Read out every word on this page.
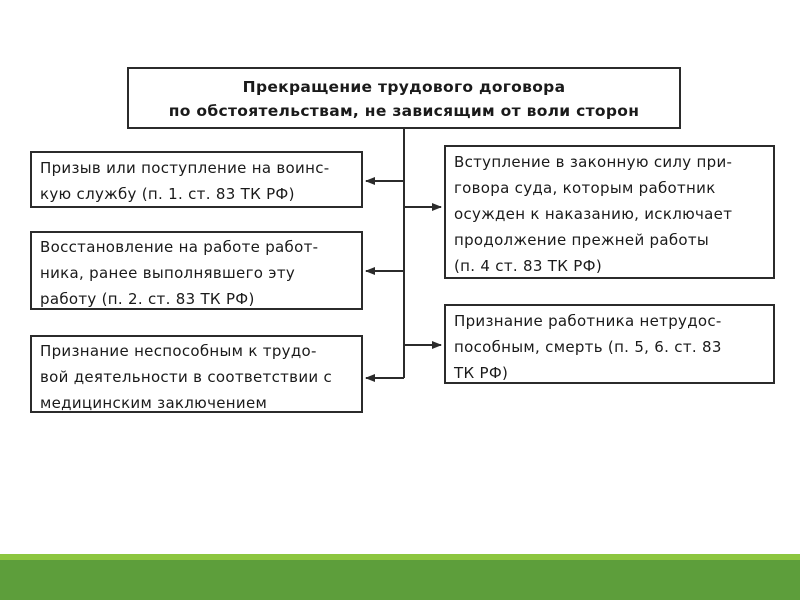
Прекращение трудового договора
по обстоятельствам, не зависящим от воли сторон
Призыв или поступление на воинс-
кую службу (п. 1. ст. 83 ТК РФ)
Восстановление на работе работ-
ника, ранее выполнявшего эту
работу (п. 2. ст. 83 ТК РФ)
Признание неспособным к трудо-
вой деятельности в соответствии с
медицинским заключением
Вступление в законную силу при-
говора суда, которым работник
осужден к наказанию, исключает
продолжение прежней работы
(п. 4 ст. 83 ТК РФ)
Признание работника нетрудос-
пособным, смерть (п. 5, 6. ст. 83
ТК РФ)
